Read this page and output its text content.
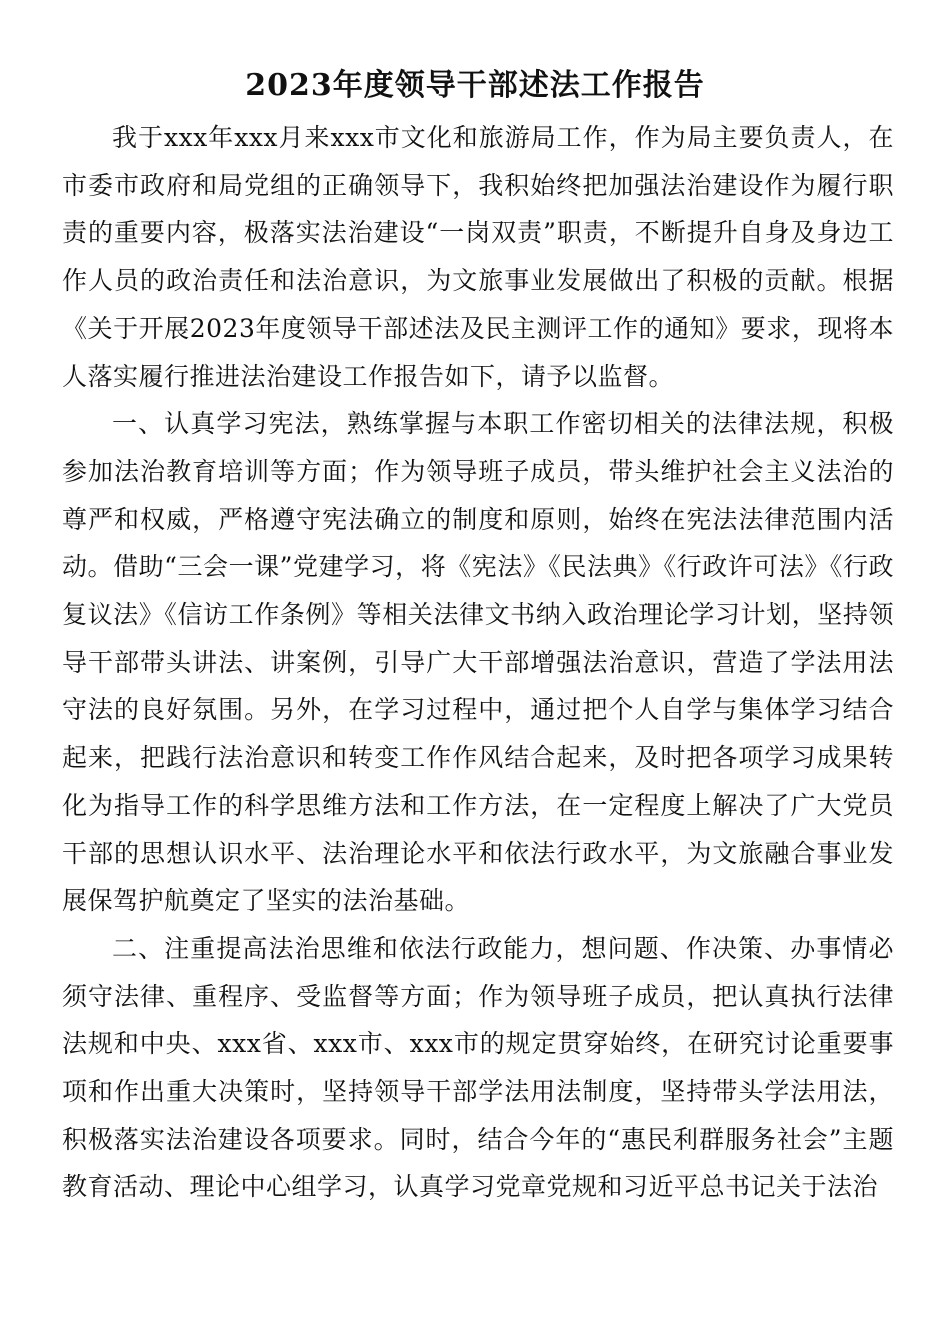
2023年度领导干部述法工作报告

我于xxx年xxx月来xxx市文化和旅游局工作，作为局主要负责人，在市委市政府和局党组的正确领导下，我积始终把加强法治建设作为履行职责的重要内容，极落实法治建设“一岗双责”职责，不断提升自身及身边工作人员的政治责任和法治意识，为文旅事业发展做出了积极的贡献。根据《关于开展2023年度领导干部述法及民主测评工作的通知》要求，现将本人落实履行推进法治建设工作报告如下，请予以监督。

一、认真学习宪法，熟练掌握与本职工作密切相关的法律法规，积极参加法治教育培训等方面；作为领导班子成员，带头维护社会主义法治的尊严和权威，严格遵守宪法确立的制度和原则，始终在宪法法律范围内活动。借助“三会一课”党建学习，将《宪法》《民法典》《行政许可法》《行政复议法》《信访工作条例》等相关法律文书纳入政治理论学习计划，坚持领导干部带头讲法、讲案例，引导广大干部增强法治意识，营造了学法用法守法的良好氛围。另外，在学习过程中，通过把个人自学与集体学习结合起来，把践行法治意识和转变工作作风结合起来，及时把各项学习成果转化为指导工作的科学思维方法和工作方法，在一定程度上解决了广大党员干部的思想认识水平、法治理论水平和依法行政水平，为文旅融合事业发展保驾护航奠定了坚实的法治基础。

二、注重提高法治思维和依法行政能力，想问题、作决策、办事情必须守法律、重程序、受监督等方面；作为领导班子成员，把认真执行法律法规和中央、xxx省、xxx市、xxx市的规定贯穿始终，在研究讨论重要事项和作出重大决策时，坚持领导干部学法用法制度，坚持带头学法用法，积极落实法治建设各项要求。同时，结合今年的“惠民利群服务社会”主题教育活动、理论中心组学习，认真学习党章党规和习近平总书记关于法治
